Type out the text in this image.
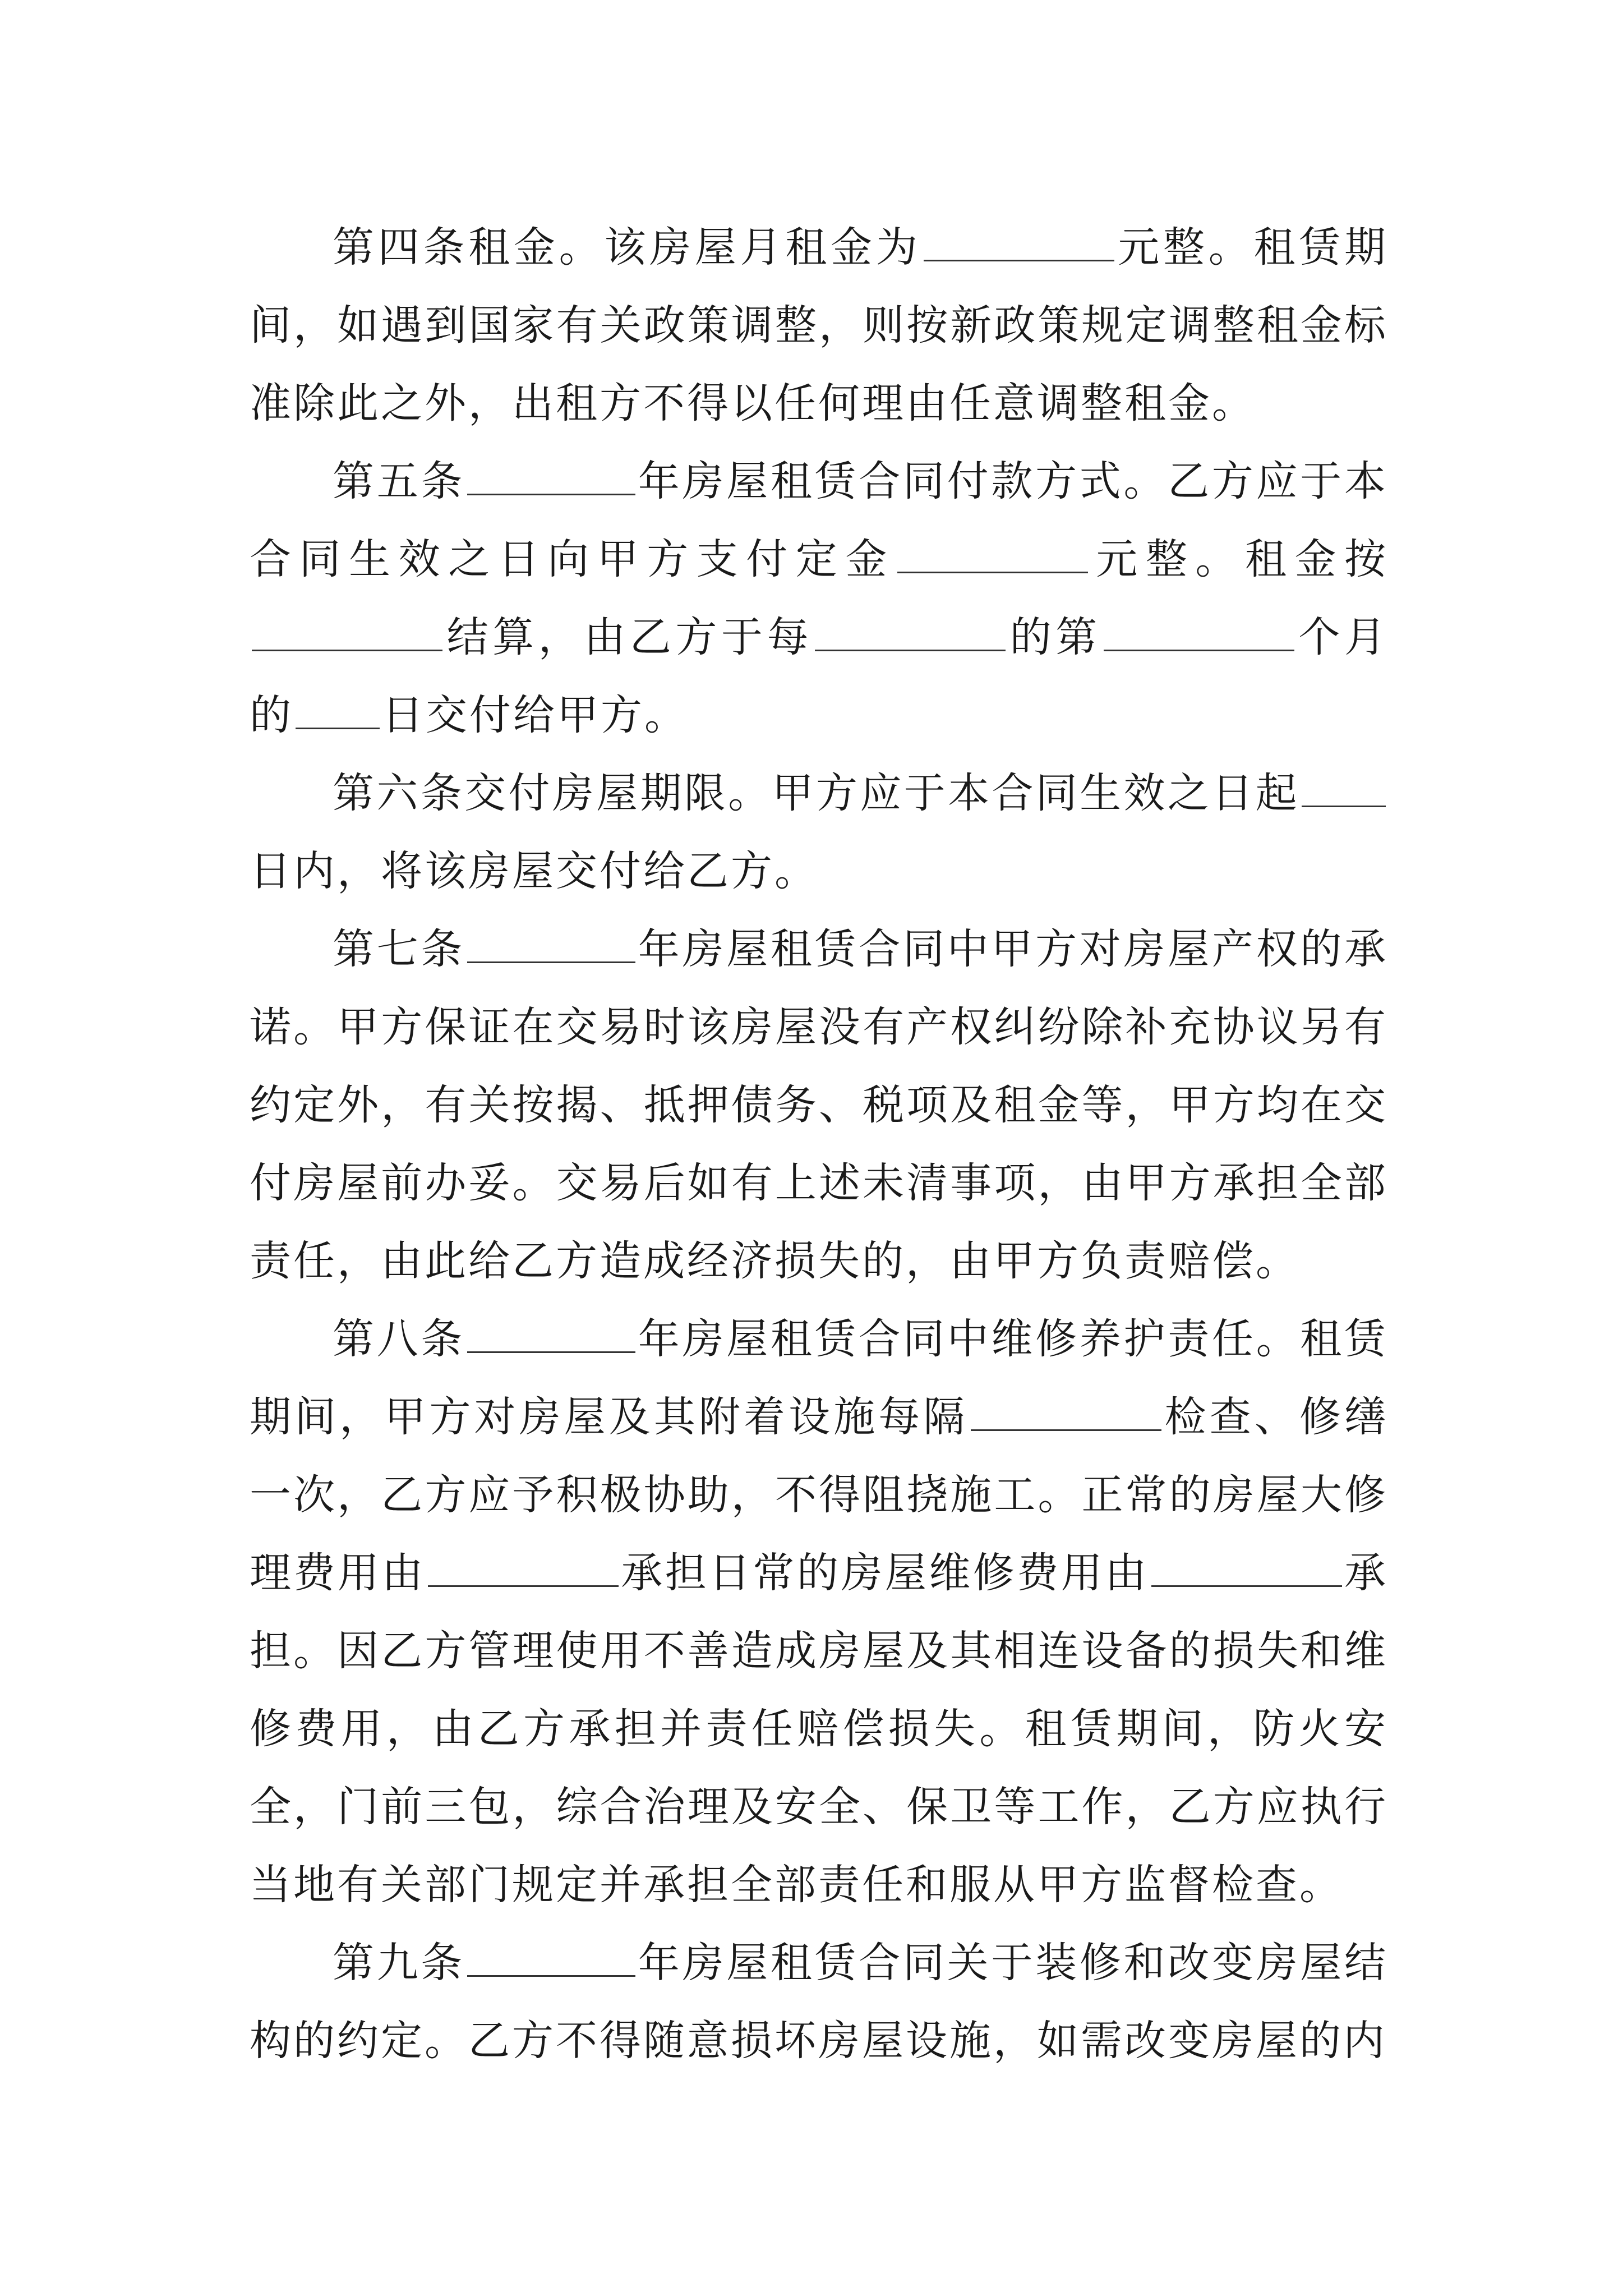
第四条租金。该房屋月租金为	元整。租赁期间，如遇到国家有关政策调整，则按新政策规定调整租金标准除此之外，出租方不得以任何理由任意调整租金。

第五条	年房屋租赁合同付款方式。乙方应于本合同生效之日向甲方支付定金	元整。租金按结算，由乙方于每	的第	个月的 日交付给甲方。

第六条交付房屋期限。甲方应于本合同生效之日起日内，将该房屋交付给乙方。

第七条	年房屋租赁合同中甲方对房屋产权的承诺。甲方保证在交易时该房屋没有产权纠纷除补充协议另有约定外，有关按揭、抵押债务、税项及租金等，甲方均在交付房屋前办妥。交易后如有上述未清事项，由甲方承担全部责任，由此给乙方造成经济损失的，由甲方负责赔偿。

第八条	年房屋租赁合同中维修养护责任。租赁期间，甲方对房屋及其附着设施每隔	检查、修缮一次，乙方应予积极协助，不得阻挠施工。正常的房屋大修理费用由	承担日常的房屋维修费用由	承担。因乙方管理使用不善造成房屋及其相连设备的损失和维修费用，由乙方承担并责任赔偿损失。租赁期间，防火安全，门前三包，综合治理及安全、保卫等工作，乙方应执行当地有关部门规定并承担全部责任和服从甲方监督检查。

第九条	年房屋租赁合同关于装修和改变房屋结构的约定。乙方不得随意损坏房屋设施，如需改变房屋的内
